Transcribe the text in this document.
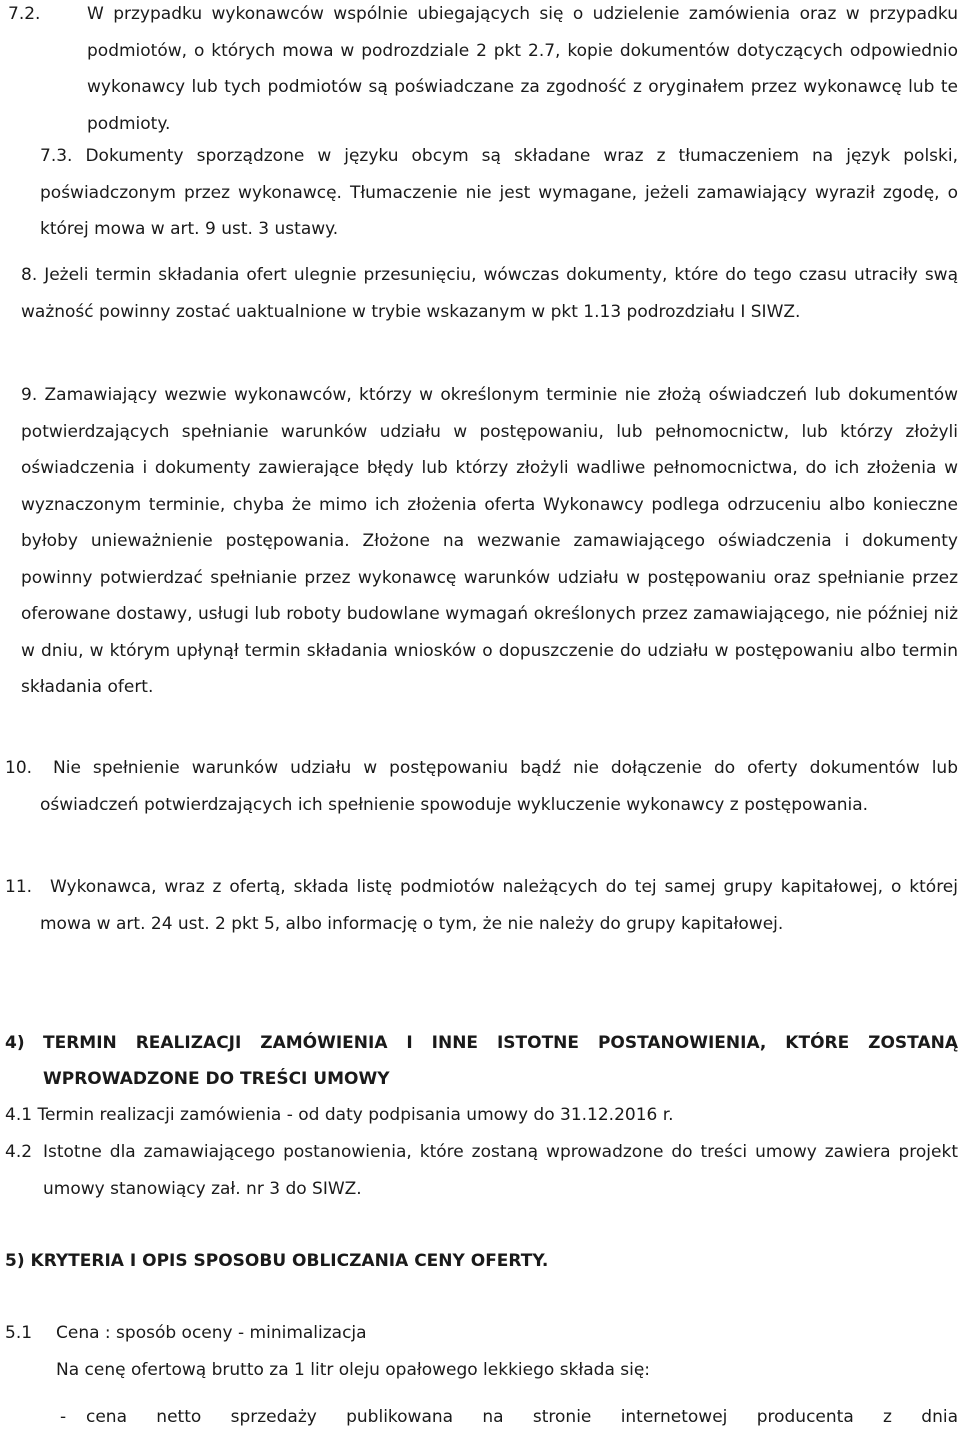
7.2.	W przypadku wykonawców wspólnie ubiegających się o udzielenie zamówienia oraz w przypadku podmiotów, o których mowa w podrozdziale 2 pkt 2.7, kopie dokumentów dotyczących odpowiednio wykonawcy lub tych podmiotów są poświadczane za zgodność z oryginałem przez wykonawcę lub te podmioty.
7.3. Dokumenty sporządzone w języku obcym są składane wraz z tłumaczeniem na język polski, poświadczonym przez wykonawcę. Tłumaczenie nie jest wymagane, jeżeli zamawiający wyraził zgodę, o której mowa w art. 9 ust. 3 ustawy.
8. Jeżeli termin składania ofert ulegnie przesunięciu, wówczas dokumenty, które do tego czasu utraciły swą ważność powinny zostać uaktualnione w trybie wskazanym w pkt 1.13 podrozdziału I SIWZ.
9. Zamawiający wezwie wykonawców, którzy w określonym terminie nie złożą oświadczeń lub dokumentów potwierdzających spełnianie warunków udziału w postępowaniu, lub pełnomocnictw, lub którzy złożyli oświadczenia i dokumenty zawierające błędy lub którzy złożyli wadliwe pełnomocnictwa, do ich złożenia w wyznaczonym terminie, chyba że mimo ich złożenia oferta Wykonawcy podlega odrzuceniu albo konieczne byłoby unieważnienie postępowania. Złożone na wezwanie zamawiającego oświadczenia i dokumenty powinny potwierdzać spełnianie przez wykonawcę warunków udziału w postępowaniu oraz spełnianie przez oferowane dostawy, usługi lub roboty budowlane wymagań określonych przez zamawiającego, nie później niż w dniu, w którym upłynął termin składania wniosków o dopuszczenie do udziału w postępowaniu albo termin składania ofert.
10.	Nie spełnienie warunków udziału w postępowaniu bądź nie dołączenie do oferty dokumentów lub oświadczeń potwierdzających ich spełnienie spowoduje wykluczenie wykonawcy z postępowania.
11.	Wykonawca, wraz z ofertą, składa listę podmiotów należących do tej samej grupy kapitałowej, o której mowa w art. 24 ust. 2 pkt 5, albo informację o tym, że nie należy do grupy kapitałowej.
4) TERMIN REALIZACJI ZAMÓWIENIA I INNE ISTOTNE POSTANOWIENIA, KTÓRE ZOSTANĄ WPROWADZONE DO TREŚCI UMOWY
4.1 Termin realizacji zamówienia - od daty podpisania umowy do 31.12.2016 r.
4.2 Istotne dla zamawiającego postanowienia, które zostaną wprowadzone do treści umowy zawiera projekt umowy stanowiący zał. nr 3 do SIWZ.
5) KRYTERIA I OPIS SPOSOBU OBLICZANIA CENY OFERTY.
5.1 Cena : sposób oceny - minimalizacja
Na cenę ofertową brutto za 1 litr oleju opałowego lekkiego składa się:
-	cena netto sprzedaży publikowana na stronie internetowej producenta z dnia
